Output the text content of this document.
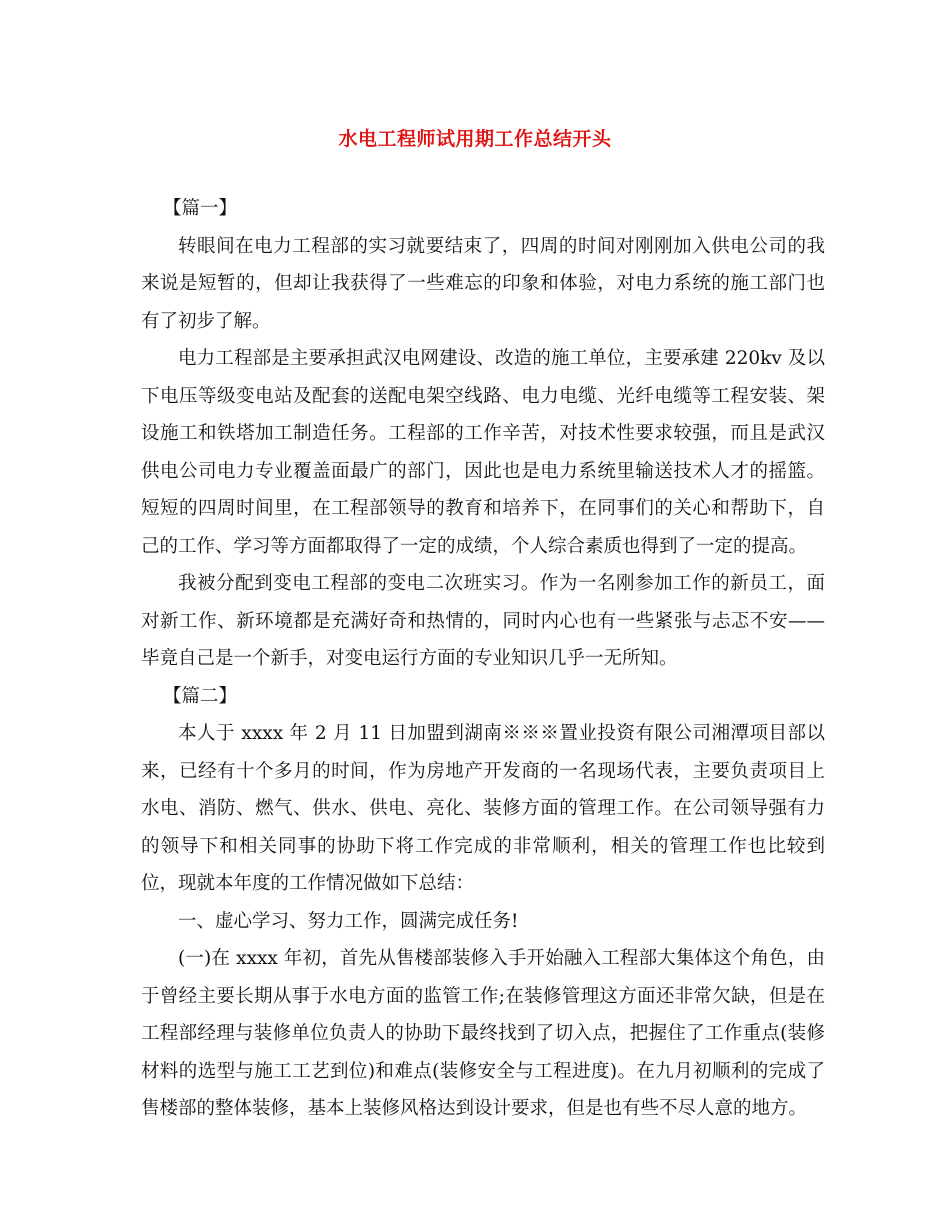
水电工程师试用期工作总结开头

【篇一】

转眼间在电力工程部的实习就要结束了，四周的时间对刚刚加入供电公司的我来说是短暂的，但却让我获得了一些难忘的印象和体验，对电力系统的施工部门也有了初步了解。

电力工程部是主要承担武汉电网建设、改造的施工单位，主要承建 220kv 及以下电压等级变电站及配套的送配电架空线路、电力电缆、光纤电缆等工程安装、架设施工和铁塔加工制造任务。工程部的工作辛苦，对技术性要求较强，而且是武汉供电公司电力专业覆盖面最广的部门，因此也是电力系统里输送技术人才的摇篮。短短的四周时间里，在工程部领导的教育和培养下，在同事们的关心和帮助下，自己的工作、学习等方面都取得了一定的成绩，个人综合素质也得到了一定的提高。

我被分配到变电工程部的变电二次班实习。作为一名刚参加工作的新员工，面对新工作、新环境都是充满好奇和热情的，同时内心也有一些紧张与忐忑不安——毕竟自己是一个新手，对变电运行方面的专业知识几乎一无所知。

【篇二】

本人于 xxxx 年 2 月 11 日加盟到湖南※※※置业投资有限公司湘潭项目部以来，已经有十个多月的时间，作为房地产开发商的一名现场代表，主要负责项目上水电、消防、燃气、供水、供电、亮化、装修方面的管理工作。在公司领导强有力的领导下和相关同事的协助下将工作完成的非常顺利，相关的管理工作也比较到位，现就本年度的工作情况做如下总结：

一、虚心学习、努力工作，圆满完成任务!

(一)在 xxxx 年初，首先从售楼部装修入手开始融入工程部大集体这个角色，由于曾经主要长期从事于水电方面的监管工作;在装修管理这方面还非常欠缺，但是在工程部经理与装修单位负责人的协助下最终找到了切入点，把握住了工作重点(装修材料的选型与施工工艺到位)和难点(装修安全与工程进度)。在九月初顺利的完成了售楼部的整体装修，基本上装修风格达到设计要求，但是也有些不尽人意的地方。
